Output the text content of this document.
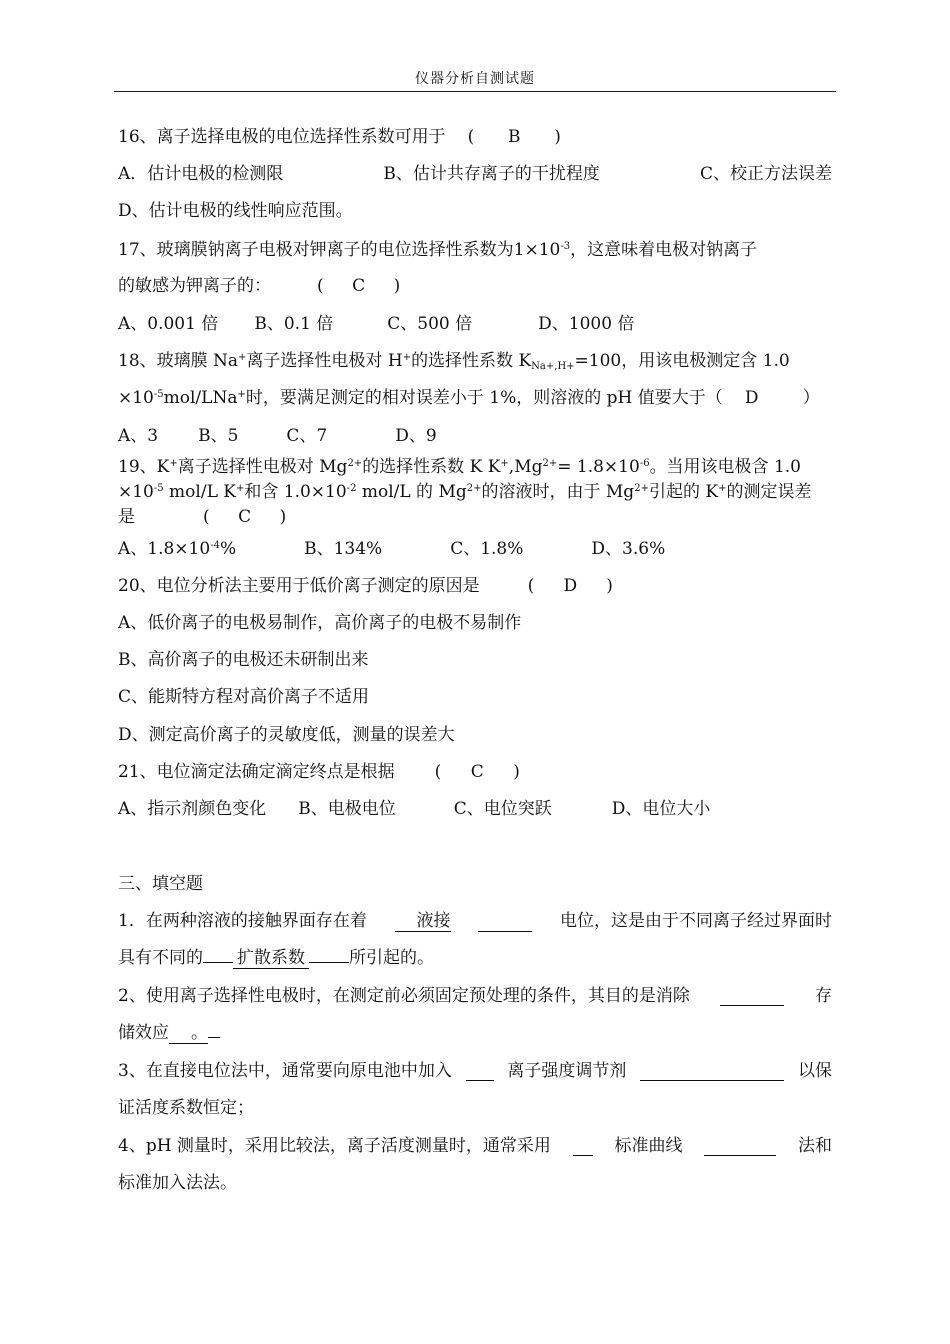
仪器分析自测试题
16、离子选择电极的电位选择性系数可用于 ( B )
A．估计电极的检测限	B、估计共存离子的干扰程度	C、校正方法误差
D、估计电极的线性响应范围。
17、玻璃膜钠离子电极对钾离子的电位选择性系数为$1\times 10^{-3}$，这意味着电极对钠离子
的敏感为钾离子的：	( C )
A、0.001 倍 B、0.1 倍	C、500 倍	D、1000 倍
18、玻璃膜 Na+离子选择性电极对 H+的选择性系数 $K_{Na+,H+}=100$，用该电极测定含 1.0
$\times 10^{-5}mol/LNa^+$时，要满足测定的相对误差小于 1%，则溶液的 pH 值要大于（ D	）
A、3 B、5	C、7	D、9
19、K+离子选择性电极对 $Mg^{2+}$的选择性系数 K $K^+,Mg^{2+}= 1.8\times 10^{-6}$。当用该电极含 1.0
$\times 10^{-5}$ mol/L K+和含 $1.0\times 10^{-2}$ mol/L 的 $Mg^{2+}$的溶液时，由于 $Mg^{2+}$引起的 K+的测定误差
是	( C )
A、$1.8\times 10^{-4}\%$	B、134%	C、1.8%	D、3.6%
20、电位分析法主要用于低价离子测定的原因是	( D )
A、低价离子的电极易制作，高价离子的电极不易制作
B、高价离子的电极还未研制出来
C、能斯特方程对高价离子不适用
D、测定高价离子的灵敏度低，测量的误差大
21、电位滴定法确定滴定终点是根据 ( C )
A、指示剂颜色变化 B、电极电位	C、电位突跃	D、电位大小
三、填空题
1．在两种溶液的接触界面存在着	液接	电位，这是由于不同离子经过界面时
具有不同的 扩散系数	所引起的。
2、使用离子选择性电极时，在测定前必须固定预处理的条件，其目的是消除	存
储效应 。
3、在直接电位法中，通常要向原电池中加入	离子强度调节剂	以保
证活度系数恒定；
4、pH 测量时，采用比较法，离子活度测量时，通常采用	标准曲线	法和
标准加入法法。
